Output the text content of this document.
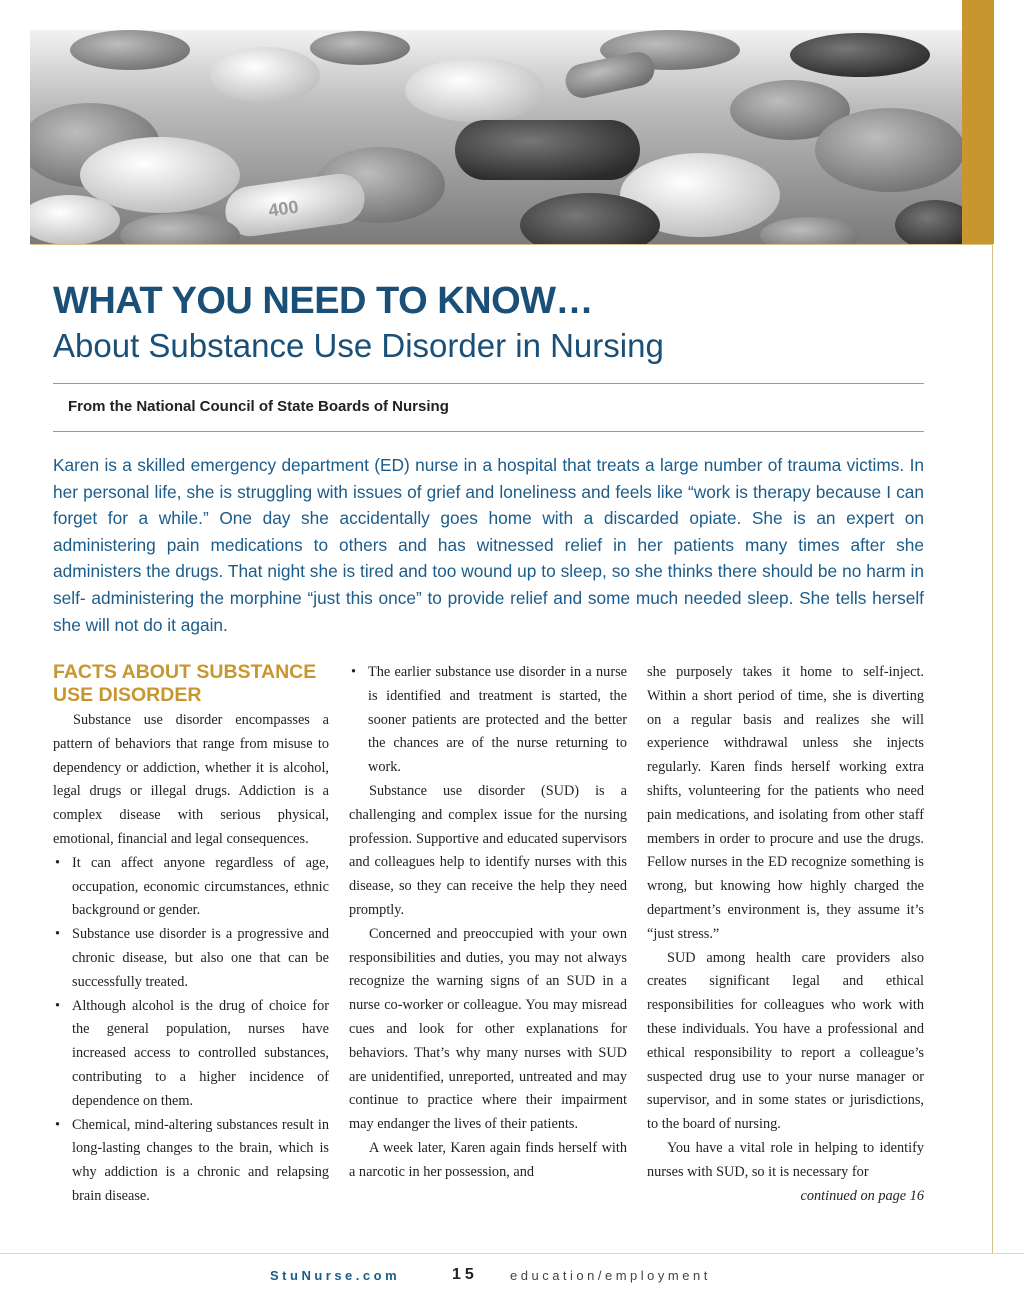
400
WHAT YOU NEED TO KNOW…
About Substance Use Disorder in Nursing
From the National Council of State Boards of Nursing

Karen is a skilled emergency department (ED) nurse in a hospital that treats a large number of trauma victims. In her personal life, she is struggling with issues of grief and loneliness and feels like “work is therapy because I can forget for a while.” One day she accidentally goes home with a discarded opiate. She is an expert on administering pain medications to others and has witnessed relief in her patients many times after she administers the drugs. That night she is tired and too wound up to sleep, so she thinks there should be no harm in self- administering the morphine “just this once” to provide relief and some much needed sleep. She tells herself she will not do it again.

FACTS ABOUT SUBSTANCE USE DISORDER

Substance use disorder encompasses a pattern of behaviors that range from misuse to dependency or addiction, whether it is alcohol, legal drugs or illegal drugs. Addiction is a complex disease with serious physical, emotional, financial and legal consequences.

• It can affect anyone regardless of age, occupation, economic circumstances, ethnic background or gender.
• Substance use disorder is a progressive and chronic disease, but also one that can be successfully treated.
• Although alcohol is the drug of choice for the general population, nurses have increased access to controlled substances, contributing to a higher incidence of dependence on them.
• Chemical, mind-altering substances result in long-lasting changes to the brain, which is why addiction is a chronic and relapsing brain disease.
• The earlier substance use disorder in a nurse is identified and treatment is started, the sooner patients are protected and the better the chances are of the nurse returning to work.

Substance use disorder (SUD) is a challenging and complex issue for the nursing profession. Supportive and educated supervisors and colleagues help to identify nurses with this disease, so they can receive the help they need promptly.

Concerned and preoccupied with your own responsibilities and duties, you may not always recognize the warning signs of an SUD in a nurse co-worker or colleague. You may misread cues and look for other explanations for behaviors. That’s why many nurses with SUD are unidentified, unreported, untreated and may continue to practice where their impairment may endanger the lives of their patients.

A week later, Karen again finds herself with a narcotic in her possession, and

she purposely takes it home to self-inject. Within a short period of time, she is diverting on a regular basis and realizes she will experience withdrawal unless she injects regularly. Karen finds herself working extra shifts, volunteering for the patients who need pain medications, and isolating from other staff members in order to procure and use the drugs. Fellow nurses in the ED recognize something is wrong, but knowing how highly charged the department’s environment is, they assume it’s “just stress.”

SUD among health care providers also creates significant legal and ethical responsibilities for colleagues who work with these individuals. You have a professional and ethical responsibility to report a colleague’s suspected drug use to your nurse manager or supervisor, and in some states or jurisdictions, to the board of nursing.

You have a vital role in helping to identify nurses with SUD, so it is necessary for

continued on page 16
StuNurse.com	15 education/employment
